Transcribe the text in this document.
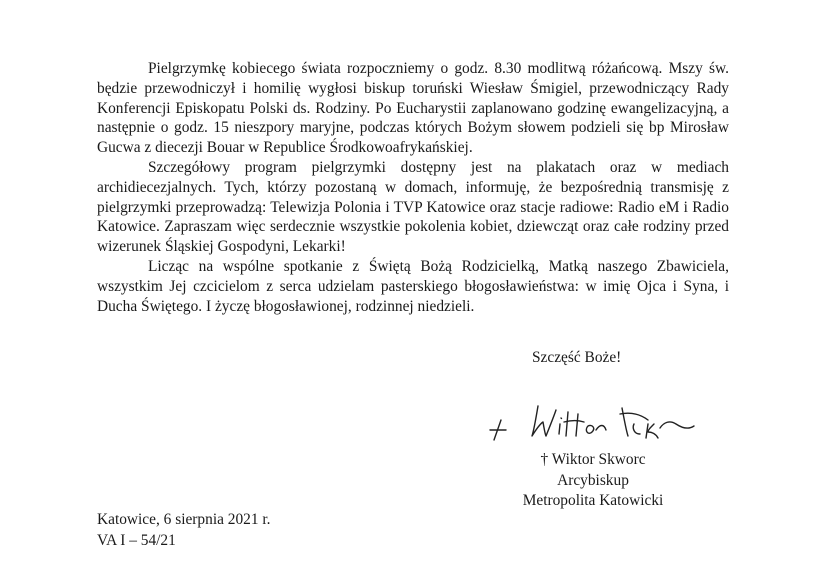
Pielgrzymkę kobiecego świata rozpoczniemy o godz. 8.30 modlitwą różańcową. Mszy św. będzie przewodniczył i homilię wygłosi biskup toruński Wiesław Śmigiel, przewodniczący Rady Konferencji Episkopatu Polski ds. Rodziny. Po Eucharystii zaplanowano godzinę ewangelizacyjną, a następnie o godz. 15 nieszpory maryjne, podczas których Bożym słowem podzieli się bp Mirosław Gucwa z diecezji Bouar w Republice Środkowoafrykańskiej.

Szczegółowy program pielgrzymki dostępny jest na plakatach oraz w mediach archidiecezjalnych. Tych, którzy pozostaną w domach, informuję, że bezpośrednią transmisję z pielgrzymki przeprowadzą: Telewizja Polonia i TVP Katowice oraz stacje radiowe: Radio eM i Radio Katowice. Zapraszam więc serdecznie wszystkie pokolenia kobiet, dziewcząt oraz całe rodziny przed wizerunek Śląskiej Gospodyni, Lekarki!

Licząc na wspólne spotkanie z Świętą Bożą Rodzicielką, Matką naszego Zbawiciela, wszystkim Jej czcicielom z serca udzielam pasterskiego błogosławieństwa: w imię Ojca i Syna, i Ducha Świętego. I życzę błogosławionej, rodzinnej niedzieli.

Szczęść Boże!
† Wiktor Skworc
Arcybiskup
Metropolita Katowicki
Katowice, 6 sierpnia 2021 r.
VA I – 54/21
